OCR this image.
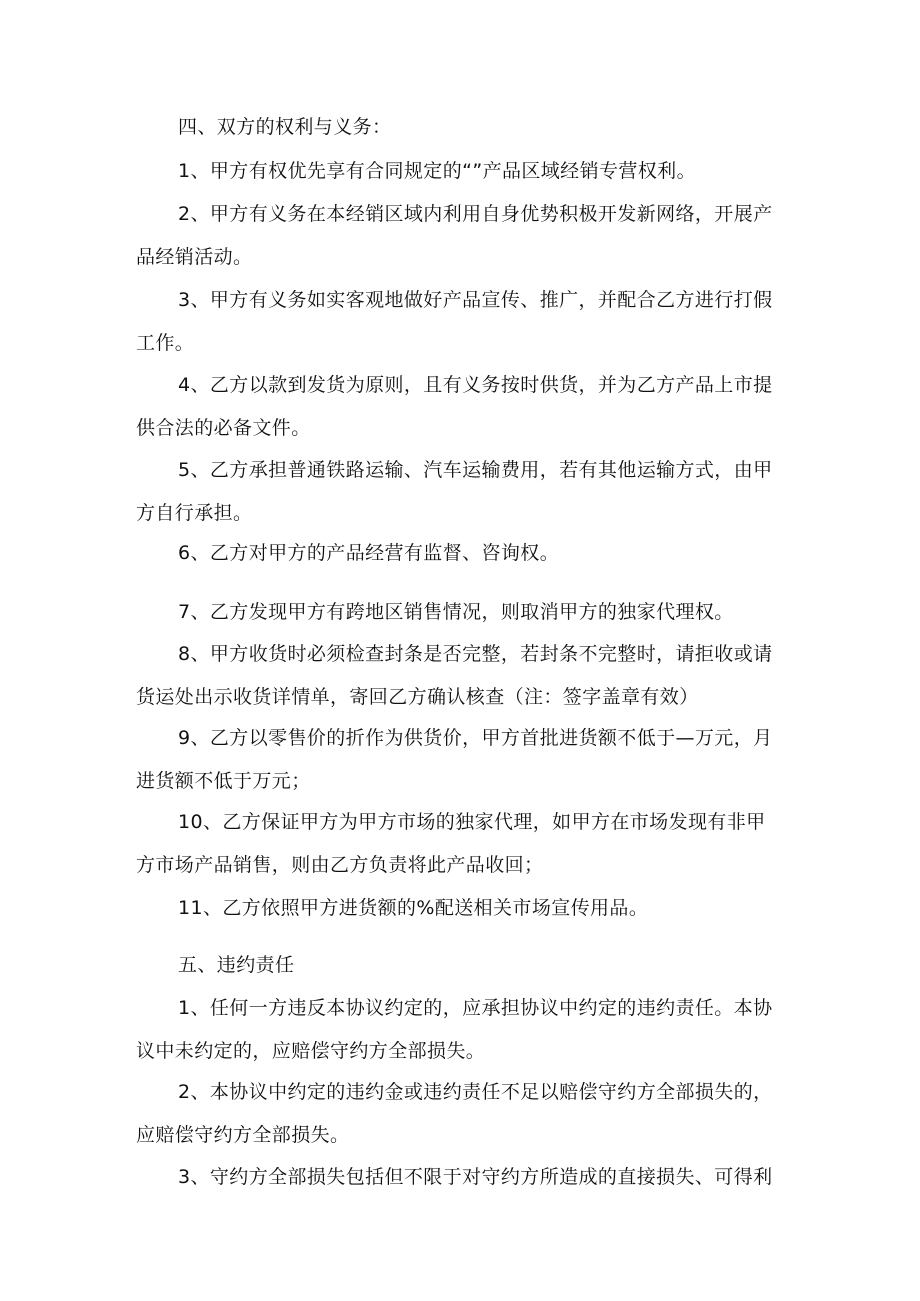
四、双方的权利与义务：
1、甲方有权优先享有合同规定的“”产品区域经销专营权利。
2、甲方有义务在本经销区域内利用自身优势积极开发新网络，开展产
品经销活动。
3、甲方有义务如实客观地做好产品宣传、推广，并配合乙方进行打假
工作。
4、乙方以款到发货为原则，且有义务按时供货，并为乙方产品上市提
供合法的必备文件。
5、乙方承担普通铁路运输、汽车运输费用，若有其他运输方式，由甲
方自行承担。
6、乙方对甲方的产品经营有监督、咨询权。
7、乙方发现甲方有跨地区销售情况，则取消甲方的独家代理权。
8、甲方收货时必须检查封条是否完整，若封条不完整时，请拒收或请
货运处出示收货详情单，寄回乙方确认核查（注：签字盖章有效）
9、乙方以零售价的折作为供货价，甲方首批进货额不低于—万元，月
进货额不低于万元；
10、乙方保证甲方为甲方市场的独家代理，如甲方在市场发现有非甲
方市场产品销售，则由乙方负责将此产品收回；
11、乙方依照甲方进货额的%配送相关市场宣传用品。
五、违约责任
1、任何一方违反本协议约定的，应承担协议中约定的违约责任。本协
议中未约定的，应赔偿守约方全部损失。
2、本协议中约定的违约金或违约责任不足以赔偿守约方全部损失的，
应赔偿守约方全部损失。
3、守约方全部损失包括但不限于对守约方所造成的直接损失、可得利
